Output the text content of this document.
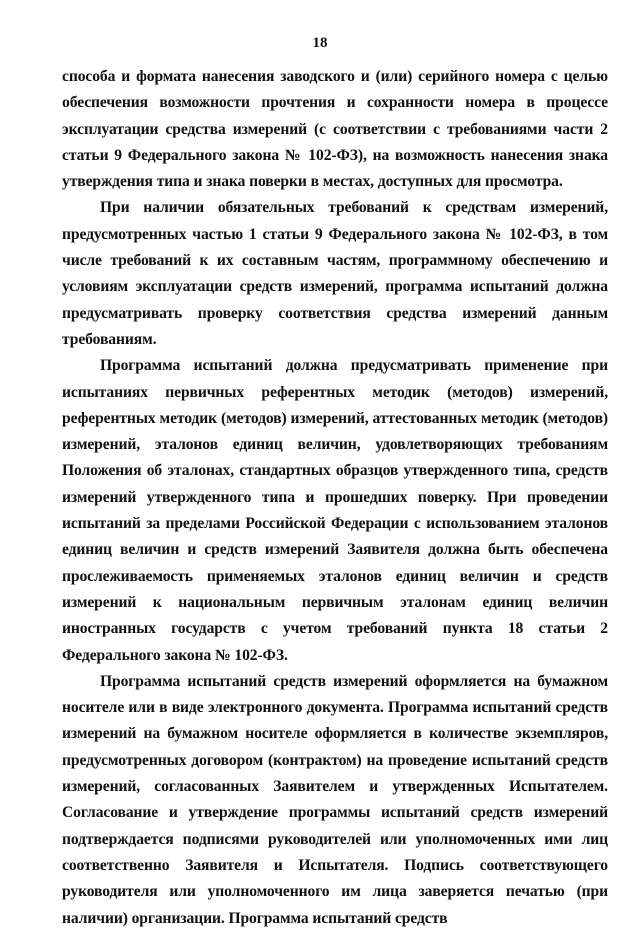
18

способа и формата нанесения заводского и (или) серийного номера с целью обеспечения возможности прочтения и сохранности номера в процессе эксплуатации средства измерений (с соответствии с требованиями части 2 статьи 9 Федерального закона № 102-ФЗ), на возможность нанесения знака утверждения типа и знака поверки в местах, доступных для просмотра.

При наличии обязательных требований к средствам измерений, предусмотренных частью 1 статьи 9 Федерального закона № 102-ФЗ, в том числе требований к их составным частям, программному обеспечению и условиям эксплуатации средств измерений, программа испытаний должна предусматривать проверку соответствия средства измерений данным требованиям.

Программа испытаний должна предусматривать применение при испытаниях первичных референтных методик (методов) измерений, референтных методик (методов) измерений, аттестованных методик (методов) измерений, эталонов единиц величин, удовлетворяющих требованиям Положения об эталонах, стандартных образцов утвержденного типа, средств измерений утвержденного типа и прошедших поверку. При проведении испытаний за пределами Российской Федерации с использованием эталонов единиц величин и средств измерений Заявителя должна быть обеспечена прослеживаемость применяемых эталонов единиц величин и средств измерений к национальным первичным эталонам единиц величин иностранных государств с учетом требований пункта 18 статьи 2 Федерального закона № 102-ФЗ.

Программа испытаний средств измерений оформляется на бумажном носителе или в виде электронного документа. Программа испытаний средств измерений на бумажном носителе оформляется в количестве экземпляров, предусмотренных договором (контрактом) на проведение испытаний средств измерений, согласованных Заявителем и утвержденных Испытателем. Согласование и утверждение программы испытаний средств измерений подтверждается подписями руководителей или уполномоченных ими лиц соответственно Заявителя и Испытателя. Подпись соответствующего руководителя или уполномоченного им лица заверяется печатью (при наличии) организации. Программа испытаний средств
